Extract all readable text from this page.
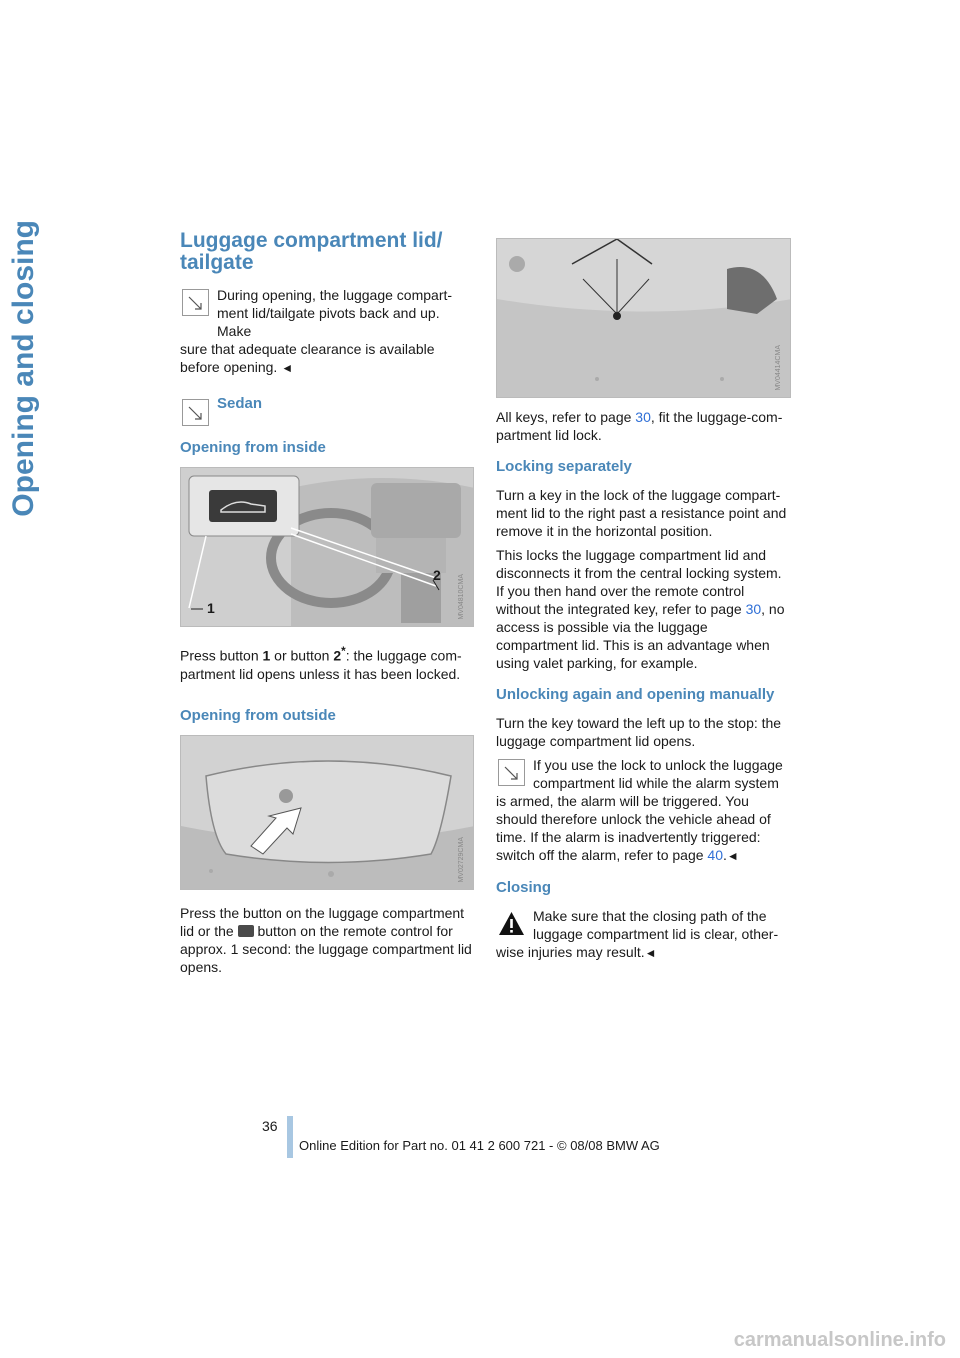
Opening and closing	Luggage compartment lid/ tailgate
During opening, the luggage compart-
ment lid/tailgate pivots back and up. Make
sure that adequate clearance is available before opening. ◄
Sedan
Opening from inside
1
2	MV04810CMA

Press button 1 or button 2*: the luggage com-partment lid opens unless it has been locked.

Opening from outside
MV02729CMA

Press the button on the luggage compartment lid or the  button on the remote control for approx. 1 second: the luggage compartment lid opens.

MV04414CMA

All keys, refer to page 30, fit the luggage-com-partment lid lock.

Locking separately

Turn a key in the lock of the luggage compart-ment lid to the right past a resistance point and remove it in the horizontal position.

This locks the luggage compartment lid and disconnects it from the central locking system. If you then hand over the remote control without the integrated key, refer to page 30, no access is possible via the luggage compartment lid. This is an advantage when using valet parking, for example.

Unlocking again and opening manually

Turn the key toward the left up to the stop: the luggage compartment lid opens.

If you use the lock to unlock the luggage
compartment lid while the alarm system
is armed, the alarm will be triggered. You should therefore unlock the vehicle ahead of time. If the alarm is inadvertently triggered: switch off the alarm, refer to page 40.◄
Closing
Make sure that the closing path of the
luggage compartment lid is clear, other-
wise injuries may result.◄
36
Online Edition for Part no. 01 41 2 600 721 - © 08/08 BMW AG
carmanualsonline.info
